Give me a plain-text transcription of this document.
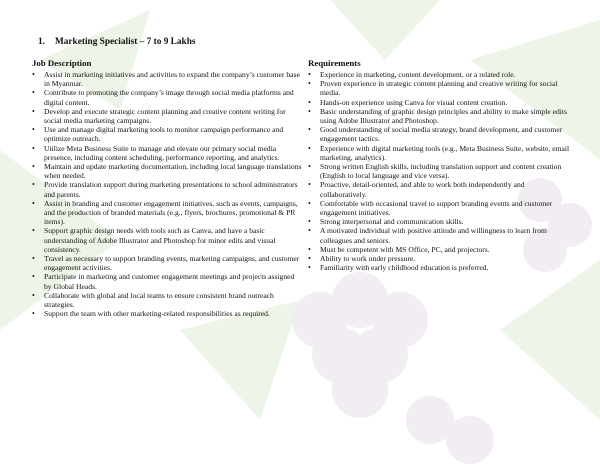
1. Marketing Specialist – 7 to 9 Lakhs
Job Description
• Assist in marketing initiatives and activities to expand the company’s customer base in Myanmar.
• Contribute to promoting the company’s image through social media platforms and digital content.
• Develop and execute strategic content planning and creative content writing for social media marketing campaigns.
• Use and manage digital marketing tools to monitor campaign performance and optimize outreach.
• Utilize Meta Business Suite to manage and elevate our primary social media presence, including content scheduling, performance reporting, and analytics.
• Maintain and update marketing documentation, including local language translations when needed.
• Provide translation support during marketing presentations to school administrators and parents.
• Assist in branding and customer engagement initiatives, such as events, campaigns, and the production of branded materials (e.g., flyers, brochures, promotional & PR items).
• Support graphic design needs with tools such as Canva, and have a basic understanding of Adobe Illustrator and Photoshop for minor edits and visual consistency.
• Travel as necessary to support branding events, marketing campaigns, and customer engagement activities.
• Participate in marketing and customer engagement meetings and projects assigned by Global Heads.
• Collaborate with global and local teams to ensure consistent brand outreach strategies.
• Support the team with other marketing-related responsibilities as required.
Requirements
• Experience in marketing, content development, or a related role.
• Proven experience in strategic content planning and creative writing for social media.
• Hands-on experience using Canva for visual content creation.
• Basic understanding of graphic design principles and ability to make simple edits using Adobe Illustrator and Photoshop.
• Good understanding of social media strategy, brand development, and customer engagement tactics.
• Experience with digital marketing tools (e.g., Meta Business Suite, website, email marketing, analytics).
• Strong written English skills, including translation support and content creation (English to local language and vice versa).
• Proactive, detail-oriented, and able to work both independently and collaboratively.
• Comfortable with occasional travel to support branding events and customer engagement initiatives.
• Strong interpersonal and communication skills.
• A motivated individual with positive attitude and willingness to learn from colleagues and seniors.
• Must be competent with MS Office, PC, and projectors.
• Ability to work under pressure.
• Familiarity with early childhood education is preferred.
